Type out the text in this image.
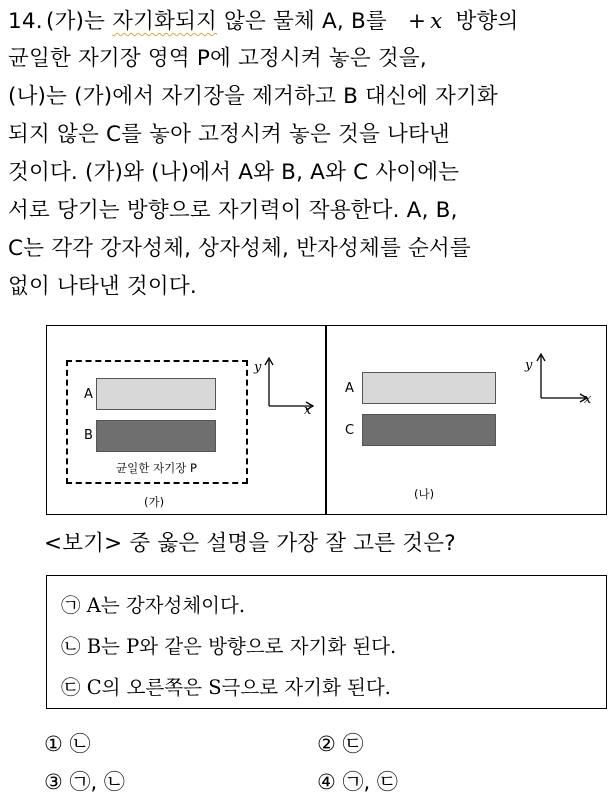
14. (가)는 자기화되지 않은 물체 A, B를 + x 방향의
균일한 자기장 영역 P에 고정시켜 놓은 것을,
(나)는 (가)에서 자기장을 제거하고 B 대신에 자기화
되지 않은 C를 놓아 고정시켜 놓은 것을 나타낸
것이다. (가)와 (나)에서 A와 B, A와 C 사이에는
서로 당기는 방향으로 자기력이 작용한다. A, B,
C는 각각 강자성체, 상자성체, 반자성체를 순서를
없이 나타낸 것이다.
A
B
균일한 자기장 P
(가)
y
x
A
C
(나)
y
x
<보기> 중 옳은 설명을 가장 잘 고른 것은?
㉠ A는 강자성체이다.
㉡ B는 P와 같은 방향으로 자기화 된다.
㉢ C의 오른쪽은 S극으로 자기화 된다.
① ㉡	② ㉢
③ ㉠, ㉡	④ ㉠, ㉢
